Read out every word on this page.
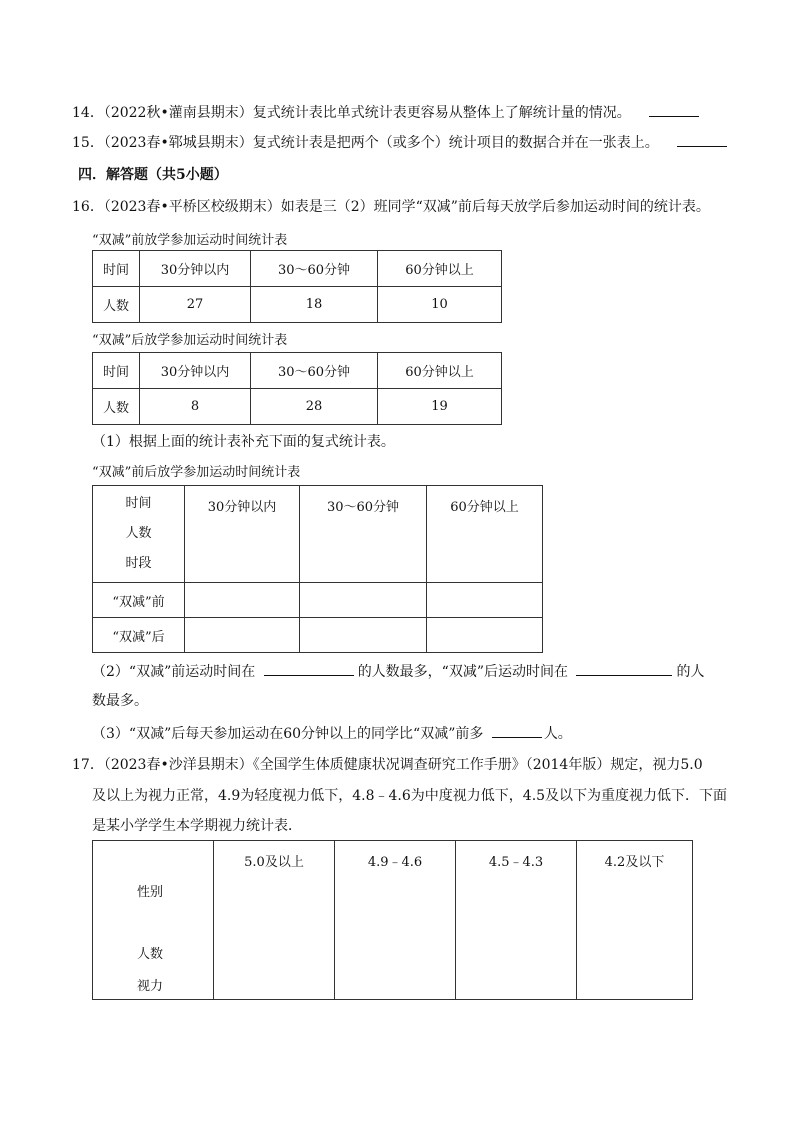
14．（2022秋•灌南县期末）复式统计表比单式统计表更容易从整体上了解统计量的情况。
15．（2023春•郓城县期末）复式统计表是把两个（或多个）统计项目的数据合并在一张表上。
四．解答题（共5小题）
16．（2023春•平桥区校级期末）如表是三（2）班同学“双减”前后每天放学后参加运动时间的统计表。
“双减”前放学参加运动时间统计表
时间	30分钟以内	30～60分钟	60分钟以上
人数	27	18	10
“双减”后放学参加运动时间统计表
时间	30分钟以内	30～60分钟	60分钟以上
人数	8	28	19
（1）根据上面的统计表补充下面的复式统计表。
“双减”前后放学参加运动时间统计表
时间
人数
时段	30分钟以内	30～60分钟	60分钟以上
“双减”前			
“双减”后			
（2）“双减”前运动时间在	的人数最多，“双减”后运动时间在	的人
数最多。
（3）“双减”后每天参加运动在60分钟以上的同学比“双减”前多	人。
17．（2023春•沙洋县期末）《全国学生体质健康状况调查研究工作手册》（2014年版）规定，视力5.0
及以上为视力正常，4.9为轻度视力低下，4.8﹣4.6为中度视力低下，4.5及以下为重度视力低下．下面
是某小学学生本学期视力统计表．
性别
人数
视力
	5.0及以上	4.9﹣4.6	4.5﹣4.3	4.2及以下
